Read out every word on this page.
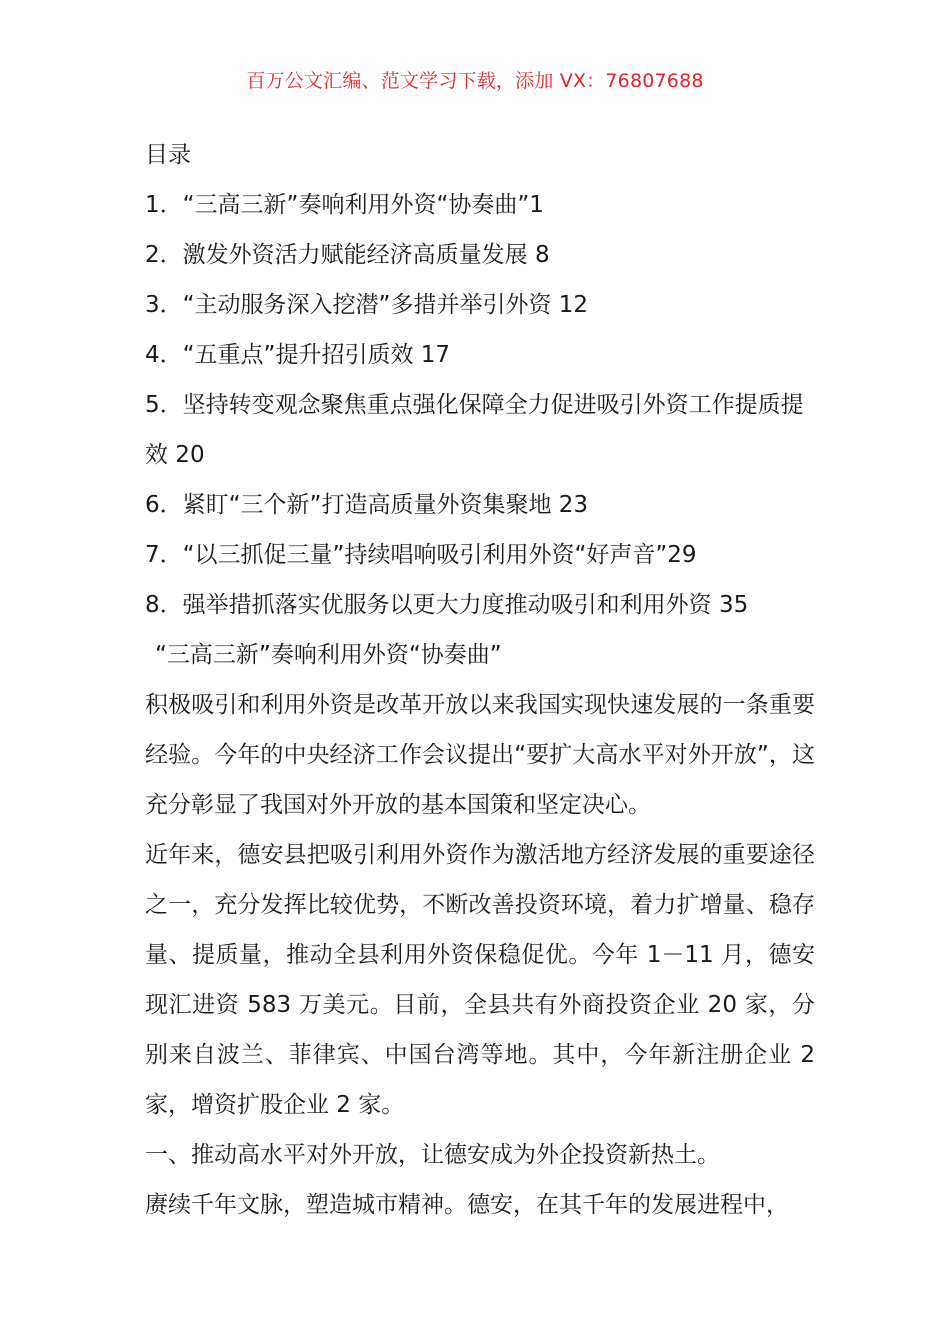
百万公文汇编、范文学习下载，添加 VX：76807688
目录
1．“三高三新”奏响利用外资“协奏曲”1
2．激发外资活力赋能经济高质量发展 8
3．“主动服务深入挖潜”多措并举引外资 12
4．“五重点”提升招引质效 17
5．坚持转变观念聚焦重点强化保障全力促进吸引外资工作提质提效 20
6．紧盯“三个新”打造高质量外资集聚地 23
7．“以三抓促三量”持续唱响吸引利用外资“好声音”29
8．强举措抓落实优服务以更大力度推动吸引和利用外资 35
“三高三新”奏响利用外资“协奏曲”
积极吸引和利用外资是改革开放以来我国实现快速发展的一条重要经验。今年的中央经济工作会议提出“要扩大高水平对外开放”，这充分彰显了我国对外开放的基本国策和坚定决心。
近年来，德安县把吸引利用外资作为激活地方经济发展的重要途径之一，充分发挥比较优势，不断改善投资环境，着力扩增量、稳存量、提质量，推动全县利用外资保稳促优。今年 1－11 月，德安现汇进资 583 万美元。目前，全县共有外商投资企业 20 家，分别来自波兰、菲律宾、中国台湾等地。其中，今年新注册企业 2 家，增资扩股企业 2 家。
一、推动高水平对外开放，让德安成为外企投资新热土。
赓续千年文脉，塑造城市精神。德安，在其千年的发展进程中，
